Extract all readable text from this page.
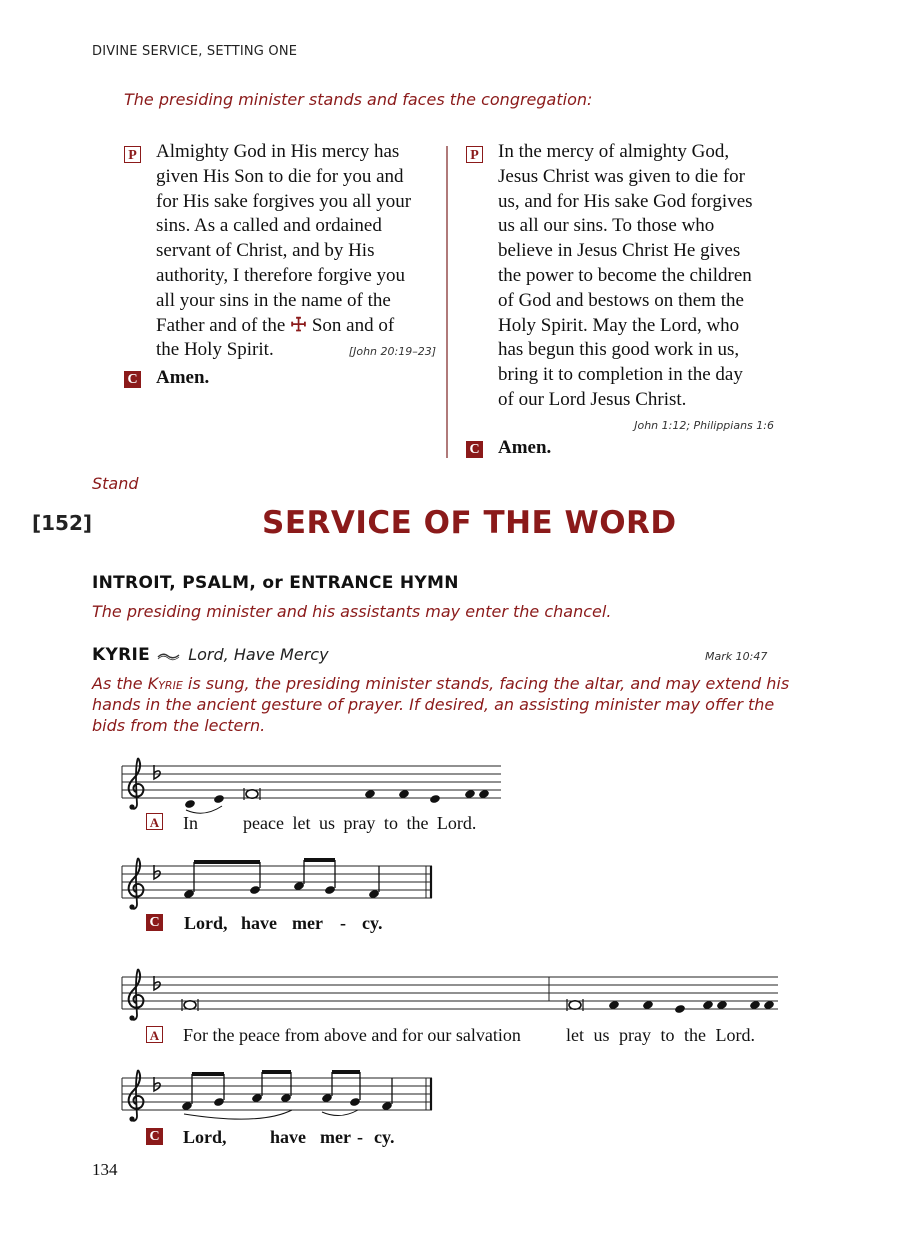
DIVINE SERVICE, SETTING ONE
The presiding minister stands and faces the congregation:
P	Almighty God in His mercy has
given His Son to die for you and
for His sake forgives you all your
sins. As a called and ordained
servant of Christ, and by His
authority, I therefore forgive you
all your sins in the name of the
Father and of the ☩ Son and of
the Holy Spirit.	[John 20:19–23]
C Amen.
P	In the mercy of almighty God,
Jesus Christ was given to die for
us, and for His sake God forgives
us all our sins. To those who
believe in Jesus Christ He gives
the power to become the children
of God and bestows on them the
Holy Spirit. May the Lord, who
has begun this good work in us,
bring it to completion in the day
of our Lord Jesus Christ.
John 1:12; Philippians 1:6
C Amen.
Stand
[152]	SERVICE OF THE WORD
INTROIT, PSALM, or ENTRANCE HYMN
The presiding minister and his assistants may enter the chancel.
KYRIE Lord, Have Mercy	Mark 10:47
As the Kyrie is sung, the presiding minister stands, facing the altar, and may extend his hands in the ancient gesture of prayer. If desired, an assisting minister may offer the bids from the lectern.
A In	peace let us pray to the Lord.
C Lord, have mer - cy.
A For the peace from above and for our salvation	let us pray to the Lord.
C Lord, have mer - cy.
134
